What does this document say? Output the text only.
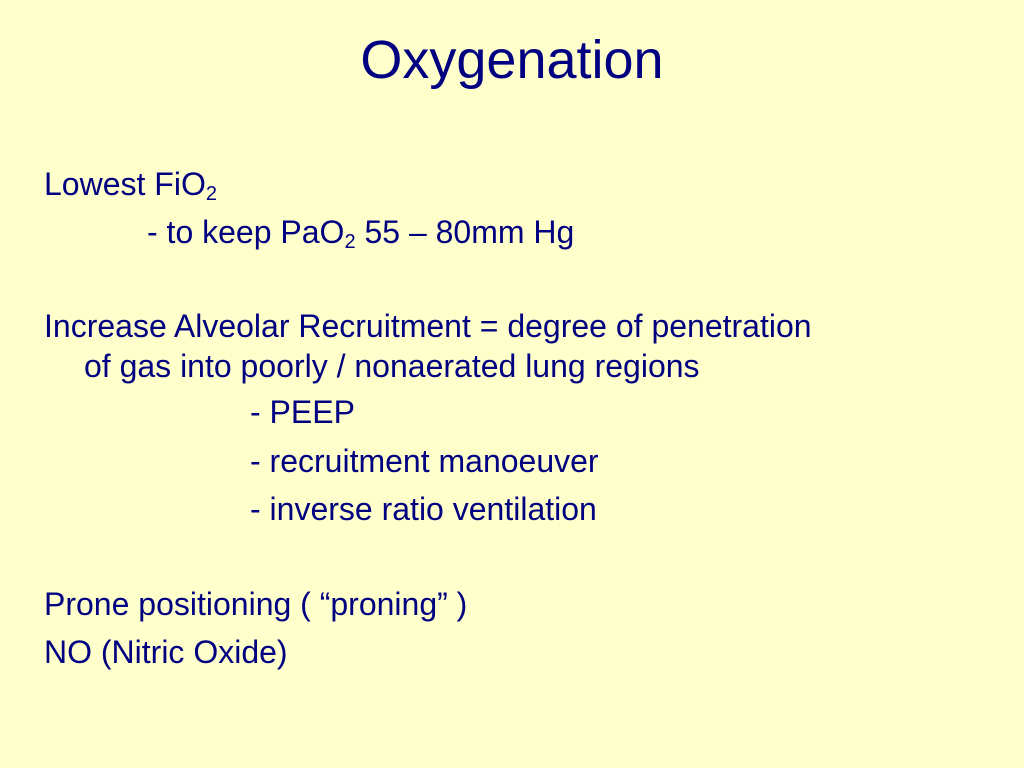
Oxygenation
Lowest FiO$_2$
- to keep PaO$_2$ 55 – 80mm Hg
Increase Alveolar Recruitment = degree of penetration
of gas into poorly / nonaerated lung regions
- PEEP
- recruitment manoeuver
- inverse ratio ventilation
Prone positioning ( “proning” )
NO (Nitric Oxide)
